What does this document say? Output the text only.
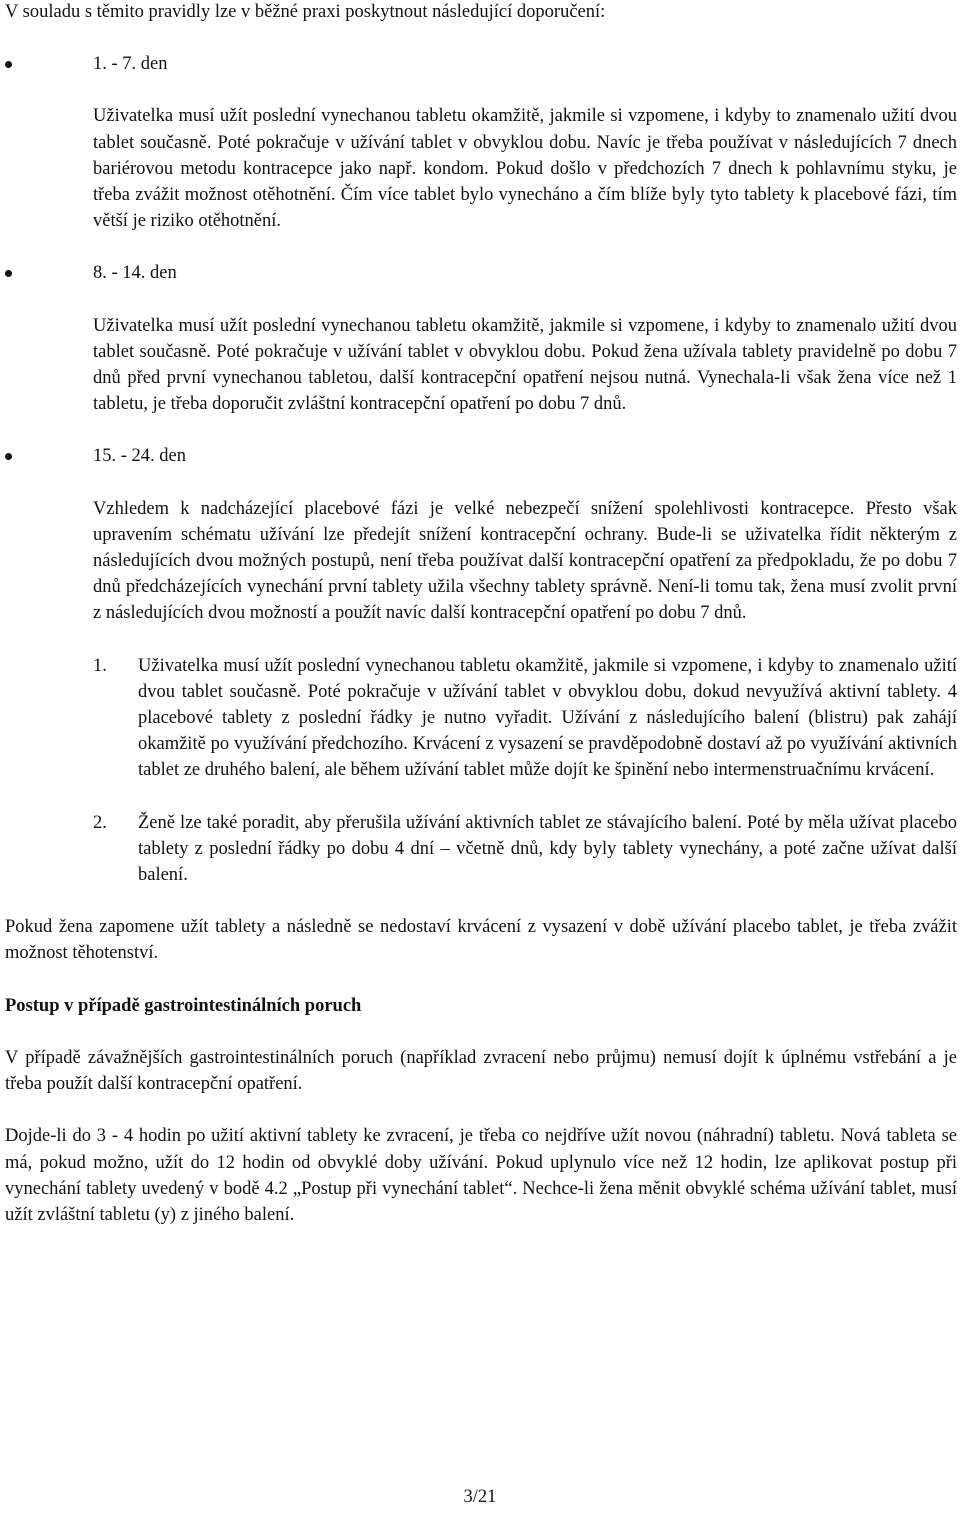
V souladu s těmito pravidly lze v běžné praxi poskytnout následující doporučení:

1. - 7. den

Uživatelka musí užít poslední vynechanou tabletu okamžitě, jakmile si vzpomene, i kdyby to znamenalo užití dvou tablet současně. Poté pokračuje v užívání tablet v obvyklou dobu. Navíc je třeba používat v následujících 7 dnech bariérovou metodu kontracepce jako např. kondom. Pokud došlo v předchozích 7 dnech k pohlavnímu styku, je třeba zvážit možnost otěhotnění. Čím více tablet bylo vynecháno a čím blíže byly tyto tablety k placebové fázi, tím větší je riziko otěhotnění.

8. - 14. den

Uživatelka musí užít poslední vynechanou tabletu okamžitě, jakmile si vzpomene, i kdyby to znamenalo užití dvou tablet současně. Poté pokračuje v užívání tablet v obvyklou dobu. Pokud žena užívala tablety pravidelně po dobu 7 dnů před první vynechanou tabletou, další kontracepční opatření nejsou nutná. Vynechala-li však žena více než 1 tabletu, je třeba doporučit zvláštní kontracepční opatření po dobu 7 dnů.

15. - 24. den

Vzhledem k nadcházející placebové fázi je velké nebezpečí snížení spolehlivosti kontracepce. Přesto však upravením schématu užívání lze předejít snížení kontracepční ochrany. Bude-li se uživatelka řídit některým z následujících dvou možných postupů, není třeba používat další kontracepční opatření za předpokladu, že po dobu 7 dnů předcházejících vynechání první tablety užila všechny tablety správně. Není-li tomu tak, žena musí zvolit první z následujících dvou možností a použít navíc další kontracepční opatření po dobu 7 dnů.

1. Uživatelka musí užít poslední vynechanou tabletu okamžitě, jakmile si vzpomene, i kdyby to znamenalo užití dvou tablet současně. Poté pokračuje v užívání tablet v obvyklou dobu, dokud nevyužívá aktivní tablety. 4 placebové tablety z poslední řádky je nutno vyřadit. Užívání z následujícího balení (blistru) pak zahájí okamžitě po využívání předchozího. Krvácení z vysazení se pravděpodobně dostaví až po využívání aktivních tablet ze druhého balení, ale během užívání tablet může dojít ke špinění nebo intermenstruačnímu krvácení.

2. Ženě lze také poradit, aby přerušila užívání aktivních tablet ze stávajícího balení. Poté by měla užívat placebo tablety z poslední řádky po dobu 4 dní – včetně dnů, kdy byly tablety vynechány, a poté začne užívat další balení.

Pokud žena zapomene užít tablety a následně se nedostaví krvácení z vysazení v době užívání placebo tablet, je třeba zvážit možnost těhotenství.

Postup v případě gastrointestinálních poruch

V případě závažnějších gastrointestinálních poruch (například zvracení nebo průjmu) nemusí dojít k úplnému vstřebání a je třeba použít další kontracepční opatření.

Dojde-li do 3 - 4 hodin po užití aktivní tablety ke zvracení, je třeba co nejdříve užít novou (náhradní) tabletu. Nová tableta se má, pokud možno, užít do 12 hodin od obvyklé doby užívání. Pokud uplynulo více než 12 hodin, lze aplikovat postup při vynechání tablety uvedený v bodě 4.2 „Postup při vynechání tablet“. Nechce-li žena měnit obvyklé schéma užívání tablet, musí užít zvláštní tabletu (y) z jiného balení.

3/21
